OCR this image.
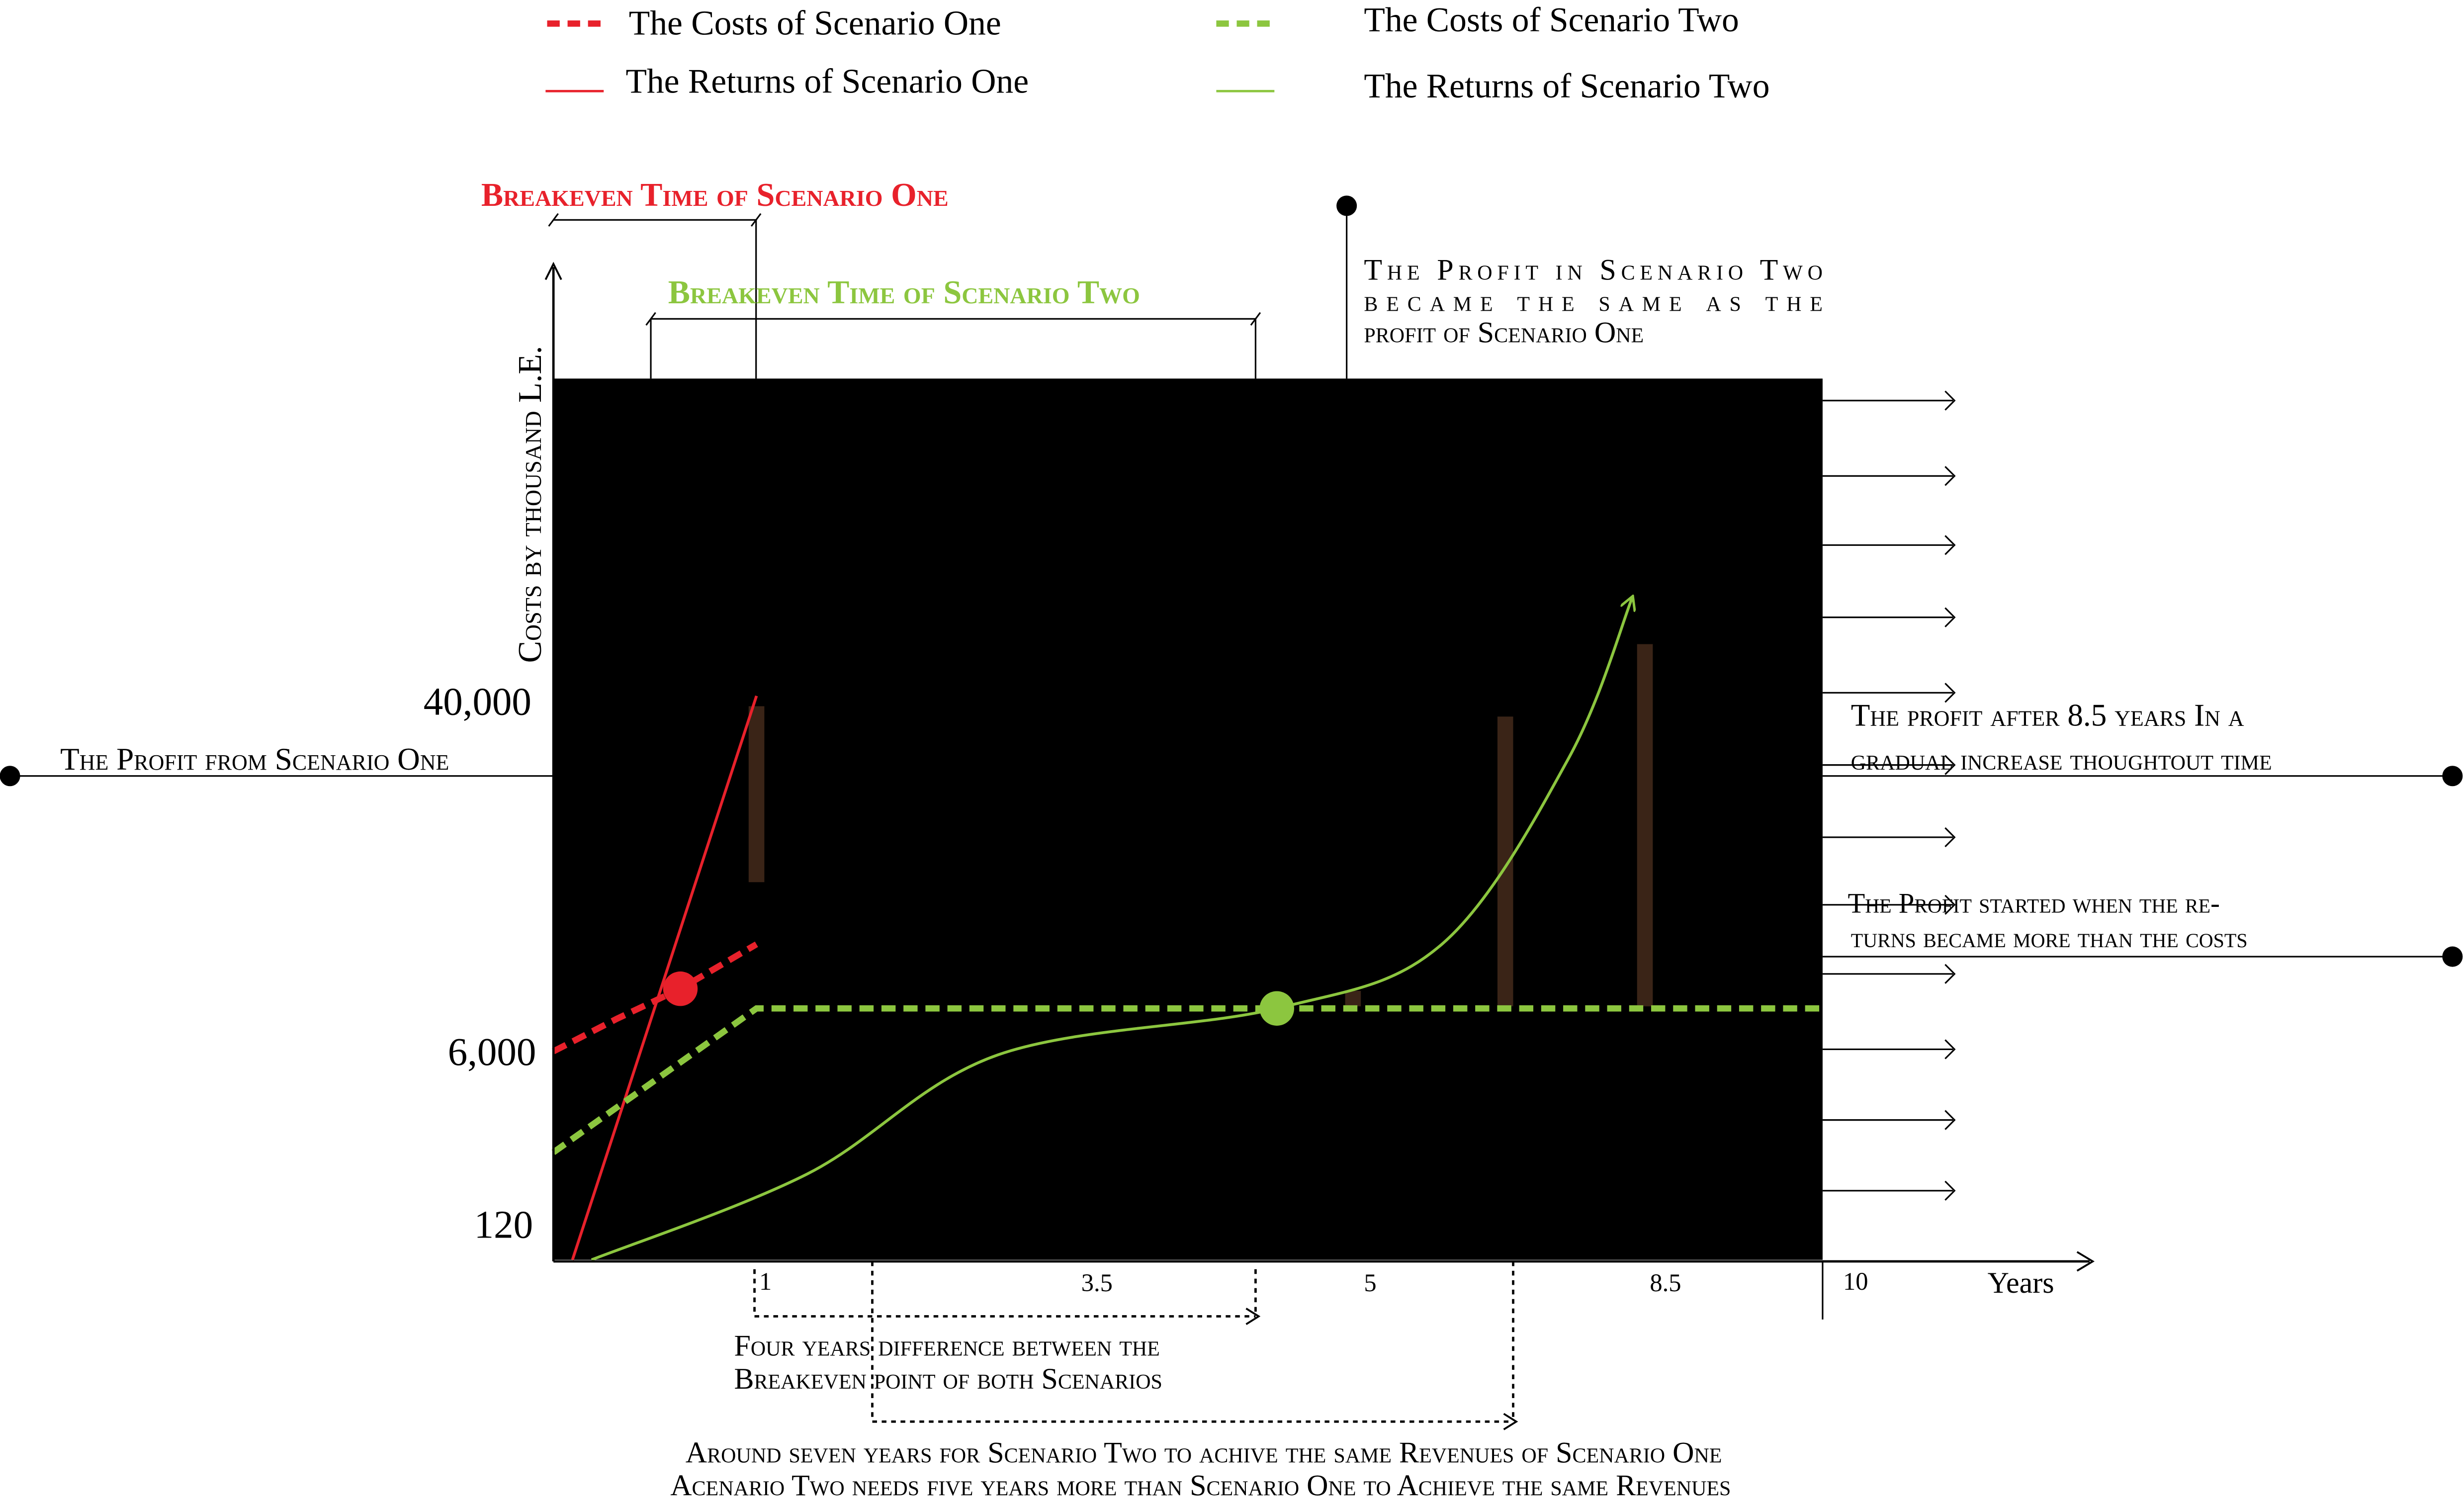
The Costs of Scenario One
The Returns of Scenario One
The Costs of Scenario Two
The Returns of Scenario Two
Costs by thousand L.E.
Years
40,000
6,000
120
1	3.5	5	8.5	10
Breakeven Time of Scenario One
Breakeven Time of Scenario Two
The Profit in Scenario Two
became the same as the
profit of Scenario One
The Profit from Scenario One
The profit after 8.5 years In a
gradual increase thoughtout time
The Profit started when the re-
turns became more than the costs
Four years difference between the
Breakeven point of both Scenarios
Around seven years for Scenario Two to achive the same Revenues of Scenario One
Acenario Two needs five years more than Scenario One to Achieve the same Revenues
